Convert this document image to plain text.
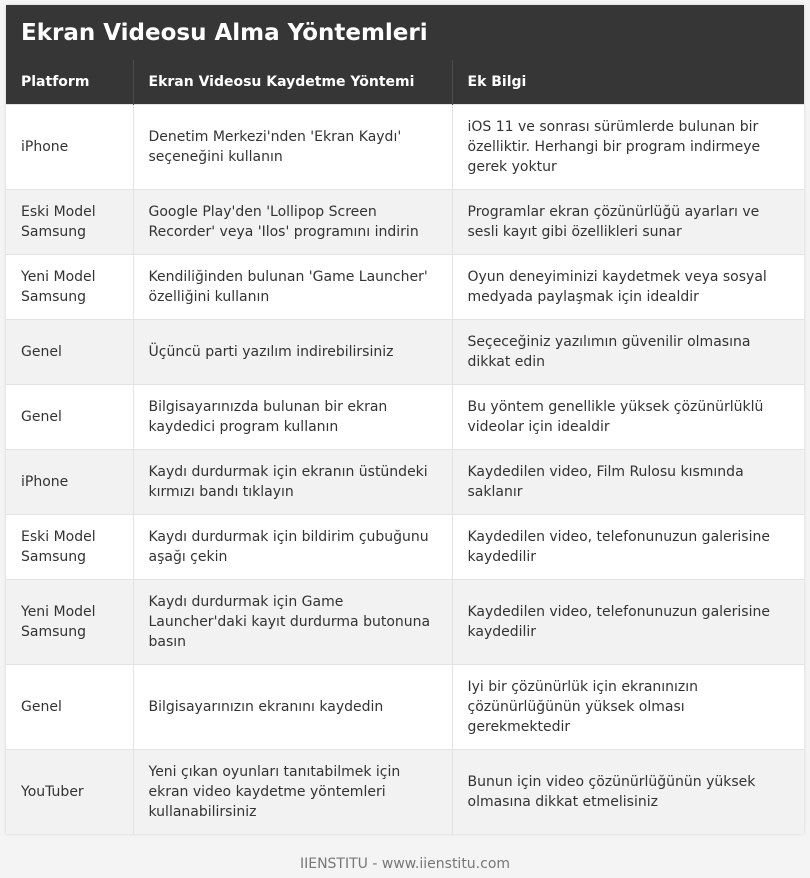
Ekran Videosu Alma Yöntemleri
Platform	Ekran Videosu Kaydetme Yöntemi	Ek Bilgi
iPhone	Denetim Merkezi'nden 'Ekran Kaydı' seçeneğini kullanın	iOS 11 ve sonrası sürümlerde bulunan bir özelliktir. Herhangi bir program indirmeye gerek yoktur
Eski Model Samsung	Google Play'den 'Lollipop Screen Recorder' veya 'Ilos' programını indirin	Programlar ekran çözünürlüğü ayarları ve sesli kayıt gibi özellikleri sunar
Yeni Model Samsung	Kendiliğinden bulunan 'Game Launcher' özelliğini kullanın	Oyun deneyiminizi kaydetmek veya sosyal medyada paylaşmak için idealdir
Genel	Üçüncü parti yazılım indirebilirsiniz	Seçeceğiniz yazılımın güvenilir olmasına dikkat edin
Genel	Bilgisayarınızda bulunan bir ekran kaydedici program kullanın	Bu yöntem genellikle yüksek çözünürlüklü videolar için idealdir
iPhone	Kaydı durdurmak için ekranın üstündeki kırmızı bandı tıklayın	Kaydedilen video, Film Rulosu kısmında saklanır
Eski Model Samsung	Kaydı durdurmak için bildirim çubuğunu aşağı çekin	Kaydedilen video, telefonunuzun galerisine kaydedilir
Yeni Model Samsung	Kaydı durdurmak için Game Launcher'daki kayıt durdurma butonuna basın	Kaydedilen video, telefonunuzun galerisine kaydedilir
Genel	Bilgisayarınızın ekranını kaydedin	Iyi bir çözünürlük için ekranınızın çözünürlüğünün yüksek olması gerekmektedir
YouTuber	Yeni çıkan oyunları tanıtabilmek için ekran video kaydetme yöntemleri kullanabilirsiniz	Bunun için video çözünürlüğünün yüksek olmasına dikkat etmelisiniz
IIENSTITU - www.iienstitu.com
